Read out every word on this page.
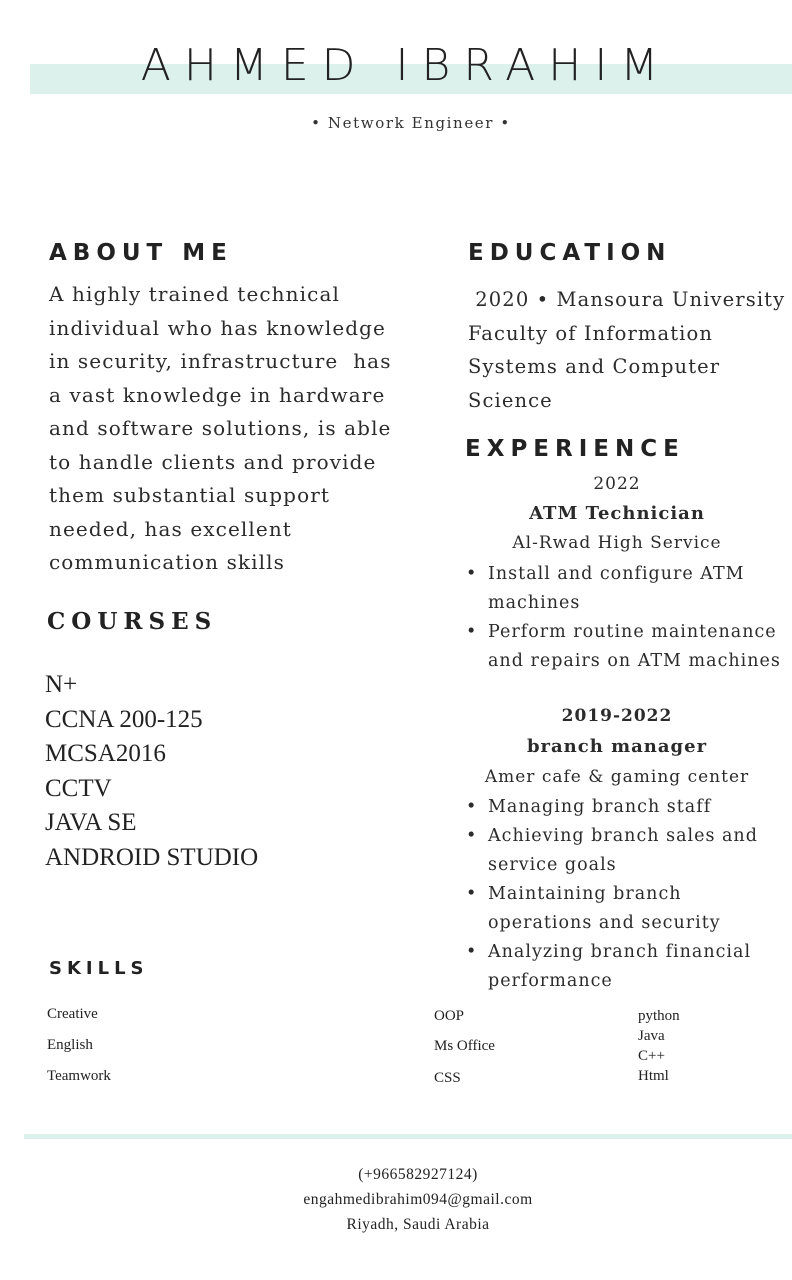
AHMED IBRAHIM
• Network Engineer •
ABOUT ME
A highly trained technical
individual who has knowledge
in security, infrastructure  has
a vast knowledge in hardware
and software solutions, is able
to handle clients and provide
them substantial support
needed, has excellent
communication skills
EDUCATION
2020 • Mansoura University
Faculty of Information
Systems and Computer
Science
EXPERIENCE
2022
ATM Technician
Al-Rwad High Service
• Install and configure ATM
machines
• Perform routine maintenance
and repairs on ATM machines
2019-2022
branch manager
Amer cafe & gaming center
• Managing branch staff
• Achieving branch sales and
service goals
• Maintaining branch
operations and security
• Analyzing branch financial
performance
COURSES
N+
CCNA 200-125
MCSA2016
CCTV
JAVA SE
ANDROID STUDIO
SKILLS
Creative
English
Teamwork
OOP
Ms Office
CSS
python
Java
C++
Html
(+966582927124)
engahmedibrahim094@gmail.com
Riyadh, Saudi Arabia
